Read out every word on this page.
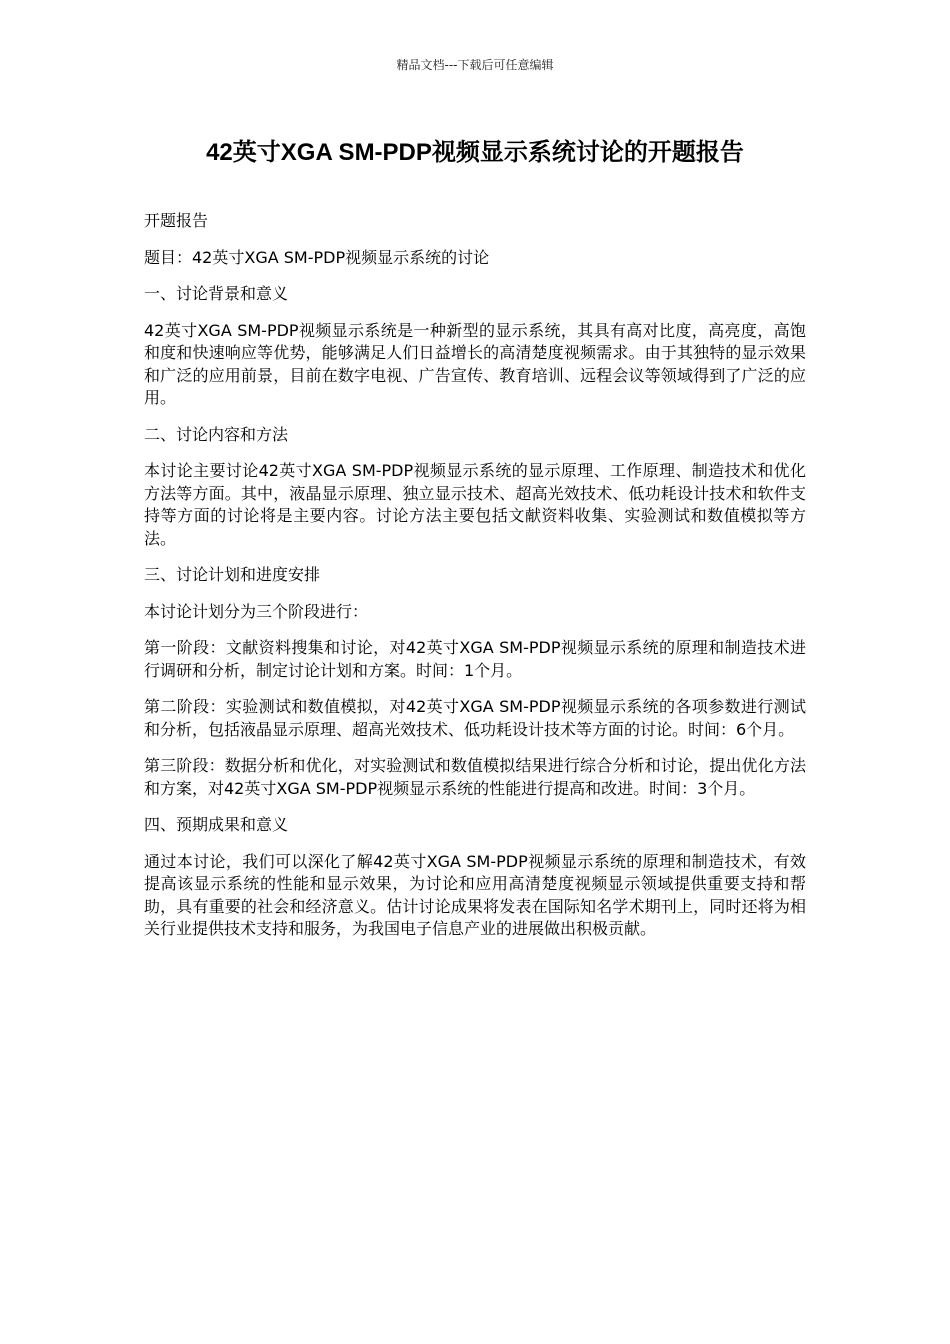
精品文档---下载后可任意编辑
42英寸XGA SM-PDP视频显示系统讨论的开题报告

开题报告

题目：42英寸XGA SM-PDP视频显示系统的讨论

一、讨论背景和意义

42英寸XGA SM-PDP视频显示系统是一种新型的显示系统，其具有高对比度，高亮度，高饱和度和快速响应等优势，能够满足人们日益增长的高清楚度视频需求。由于其独特的显示效果和广泛的应用前景，目前在数字电视、广告宣传、教育培训、远程会议等领域得到了广泛的应用。

二、讨论内容和方法

本讨论主要讨论42英寸XGA SM-PDP视频显示系统的显示原理、工作原理、制造技术和优化方法等方面。其中，液晶显示原理、独立显示技术、超高光效技术、低功耗设计技术和软件支持等方面的讨论将是主要内容。讨论方法主要包括文献资料收集、实验测试和数值模拟等方法。

三、讨论计划和进度安排

本讨论计划分为三个阶段进行：

第一阶段：文献资料搜集和讨论，对42英寸XGA SM-PDP视频显示系统的原理和制造技术进行调研和分析，制定讨论计划和方案。时间：1个月。

第二阶段：实验测试和数值模拟，对42英寸XGA SM-PDP视频显示系统的各项参数进行测试和分析，包括液晶显示原理、超高光效技术、低功耗设计技术等方面的讨论。时间：6个月。

第三阶段：数据分析和优化，对实验测试和数值模拟结果进行综合分析和讨论，提出优化方法和方案，对42英寸XGA SM-PDP视频显示系统的性能进行提高和改进。时间：3个月。

四、预期成果和意义

通过本讨论，我们可以深化了解42英寸XGA SM-PDP视频显示系统的原理和制造技术，有效提高该显示系统的性能和显示效果，为讨论和应用高清楚度视频显示领域提供重要支持和帮助，具有重要的社会和经济意义。估计讨论成果将发表在国际知名学术期刊上，同时还将为相关行业提供技术支持和服务，为我国电子信息产业的进展做出积极贡献。
